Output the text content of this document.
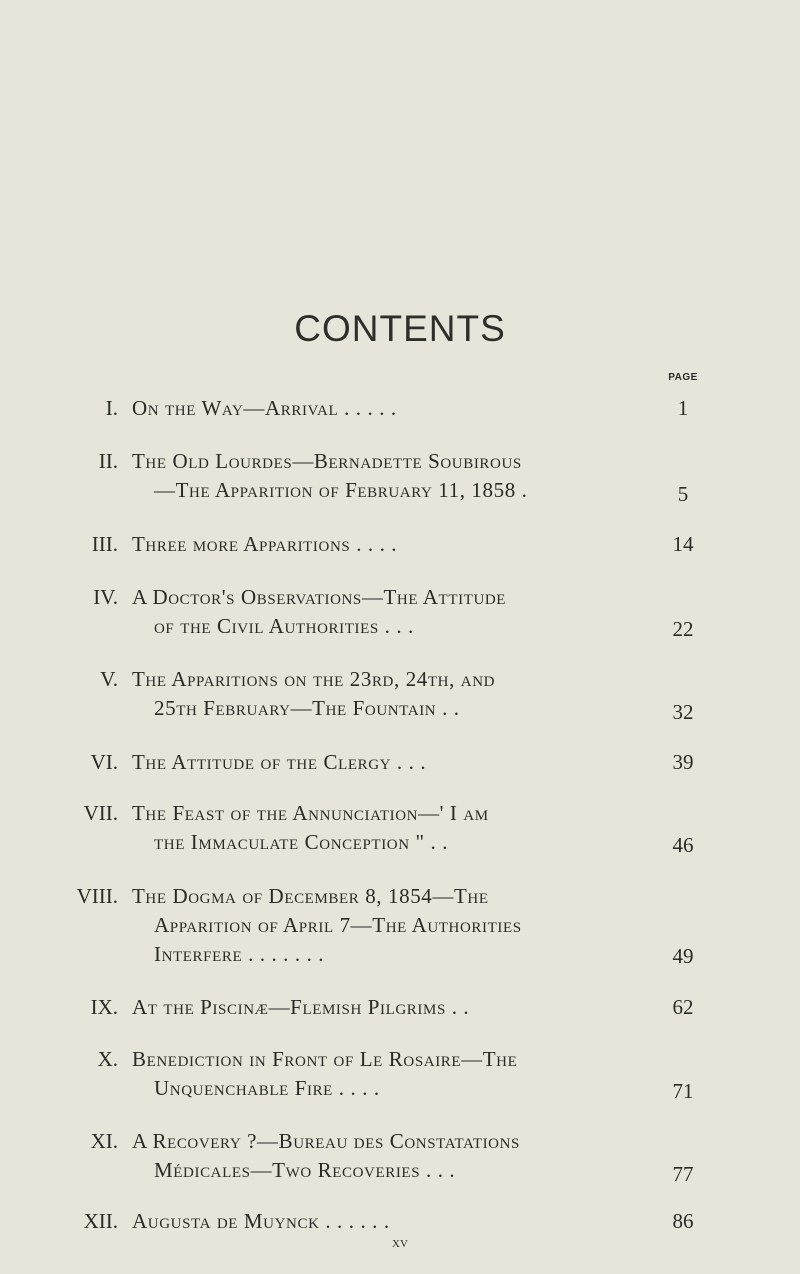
CONTENTS
PAGE
I. On the Way—Arrival . . . . .	1
II. The Old Lourdes—Bernadette Soubirous
—The Apparition of February 11, 1858 .	5
III. Three more Apparitions . . . .	14
IV. A Doctor's Observations—The Attitude
of the Civil Authorities . . .	22
V. The Apparitions on the 23rd, 24th, and
25th February—The Fountain . .	32
VI. The Attitude of the Clergy . . .	39
VII. The Feast of the Annunciation—' I am
the Immaculate Conception " . .	46
VIII. The Dogma of December 8, 1854—The
Apparition of April 7—The Authorities
Interfere . . . . . . .	49
IX. At the Piscinæ—Flemish Pilgrims . .	62
X. Benediction in Front of Le Rosaire—The
Unquenchable Fire . . . .	71
XI. A Recovery ?—Bureau des Constatations
Médicales—Two Recoveries . . .	77
XII. Augusta de Muynck . . . . . .	86
xv
